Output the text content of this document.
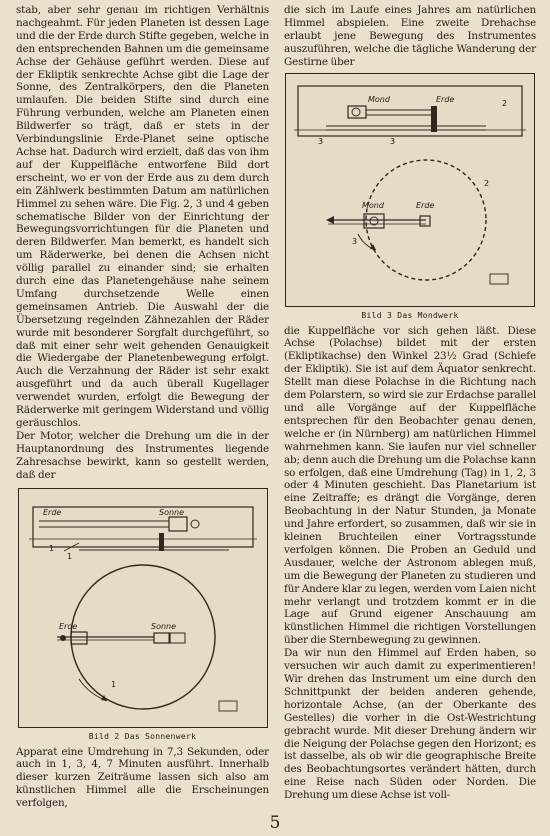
stab, aber sehr genau im richtigen Verhältnis nachgeahmt. Für jeden Planeten ist dessen Lage und die der Erde durch Stifte gegeben, welche in den entsprechenden Bahnen um die gemeinsame Achse der Gehäuse geführt werden. Diese auf der Ekliptik senkrechte Achse gibt die Lage der Sonne, des Zentralkörpers, den die Planeten umlaufen. Die beiden Stifte sind durch eine Führung verbunden, welche am Planeten einen Bildwerfer so trägt, daß er stets in der Verbindungslinie Erde-Planet seine optische Achse hat. Dadurch wird erzielt, daß das von ihm auf der Kuppelfläche entworfene Bild dort erscheint, wo er von der Erde aus zu dem durch ein Zählwerk bestimmten Datum am natürlichen Himmel zu sehen wäre. Die Fig. 2, 3 und 4 geben schematische Bilder von der Einrichtung der Bewegungsvorrichtungen für die Planeten und deren Bildwerfer. Man bemerkt, es handelt sich um Räderwerke, bei denen die Achsen nicht völlig parallel zu einander sind; sie erhalten durch eine das Planetengehäuse nahe seinem Umfang durchsetzende Welle einen gemeinsamen Antrieb. Die Auswahl der die Übersetzung regelnden Zähnezahlen der Räder wurde mit besonderer Sorgfalt durchgeführt, so daß mit einer sehr weit gehenden Genauigkeit die Wiedergabe der Planetenbewegung erfolgt. Auch die Verzahnung der Räder ist sehr exakt ausgeführt und da auch überall Kugellager verwendet wurden, erfolgt die Bewegung der Räderwerke mit geringem Widerstand und völlig geräuschlos.

Der Motor, welcher die Drehung um die in der Hauptanordnung des Instrumentes liegende Zahresachse bewirkt, kann so gestellt werden, daß der

Erde	Sonne
1
1
Erde	Sonne
1
Bild 2 Das Sonnenwerk

Apparat eine Umdrehung in 7,3 Sekunden, oder auch in 1, 3, 4, 7 Minuten ausführt. Innerhalb dieser kurzen Zeiträume lassen sich also am künstlichen Himmel alle die Erscheinungen verfolgen,

die sich im Laufe eines Jahres am natürlichen Himmel abspielen. Eine zweite Drehachse erlaubt jene Bewegung des Instrumentes auszuführen, welche die tägliche Wanderung der Gestirne über

Mond	Erde	2
3	3
Mond	Erde
2
3
Bild 3 Das Mondwerk

die Kuppelfläche vor sich gehen läßt. Diese Achse (Polachse) bildet mit der ersten (Ekliptikachse) den Winkel 23½ Grad (Schiefe der Ekliptik). Sie ist auf dem Äquator senkrecht. Stellt man diese Polachse in die Richtung nach dem Polarstern, so wird sie zur Erdachse parallel und alle Vorgänge auf der Kuppelfläche entsprechen für den Beobachter genau denen, welche er (in Nürnberg) am natürlichen Himmel wahrnehmen kann. Sie laufen nur viel schneller ab; denn auch die Drehung um die Polachse kann so erfolgen, daß eine Umdrehung (Tag) in 1, 2, 3 oder 4 Minuten geschieht. Das Planetarium ist eine Zeitraffe; es drängt die Vorgänge, deren Beobachtung in der Natur Stunden, ja Monate und Jahre erfordert, so zusammen, daß wir sie in kleinen Bruchteilen einer Vortragsstunde verfolgen können. Die Proben an Geduld und Ausdauer, welche der Astronom ablegen muß, um die Bewegung der Planeten zu studieren und für Andere klar zu legen, werden vom Laien nicht mehr verlangt und trotzdem kommt er in die Lage auf Grund eigener Anschauung am künstlichen Himmel die richtigen Vorstellungen über die Sternbewegung zu gewinnen.

Da wir nun den Himmel auf Erden haben, so versuchen wir auch damit zu experimentieren! Wir drehen das Instrument um eine durch den Schnittpunkt der beiden anderen gehende, horizontale Achse, (an der Oberkante des Gestelles) die vorher in die Ost-Westrichtung gebracht wurde. Mit dieser Drehung ändern wir die Neigung der Polachse gegen den Horizont; es ist dasselbe, als ob wir die geographische Breite des Beobachtungsortes verändert hätten, durch eine Reise nach Süden oder Norden. Die Drehung um diese Achse ist voll-

5
